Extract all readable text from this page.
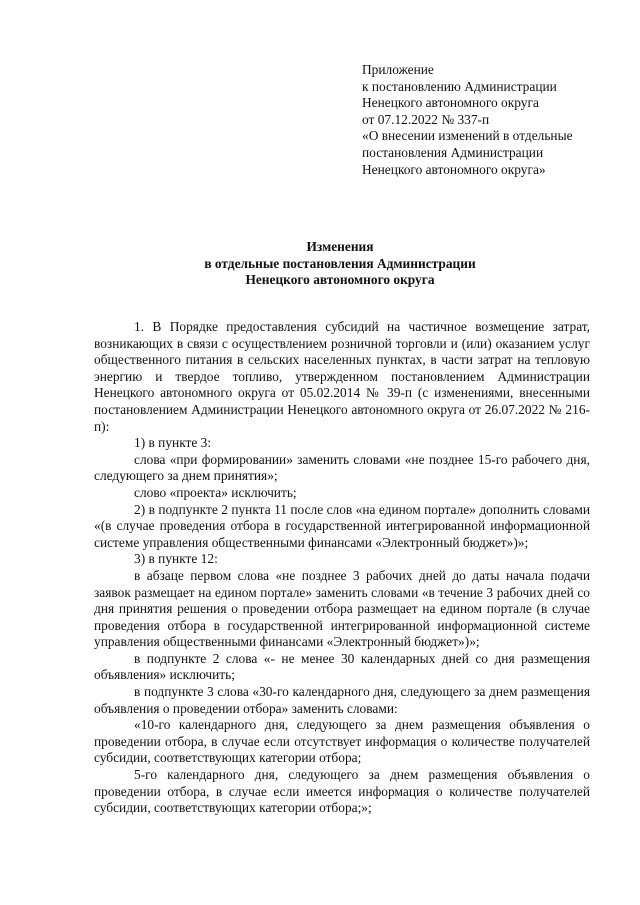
Приложение
к постановлению Администрации
Ненецкого автономного округа
от 07.12.2022 № 337-п
«О внесении изменений в отдельные
постановления Администрации
Ненецкого автономного округа»
Изменения
в отдельные постановления Администрации
Ненецкого автономного округа

1. В Порядке предоставления субсидий на частичное возмещение затрат, возникающих в связи с осуществлением розничной торговли и (или) оказанием услуг общественного питания в сельских населенных пунктах, в части затрат на тепловую энергию и твердое топливо, утвержденном постановлением Администрации Ненецкого автономного округа от 05.02.2014 № 39-п (с изменениями, внесенными постановлением Администрации Ненецкого автономного округа от 26.07.2022 № 216-п):

1) в пункте 3:

слова «при формировании» заменить словами «не позднее 15-го рабочего дня, следующего за днем принятия»;

слово «проекта» исключить;

2) в подпункте 2 пункта 11 после слов «на едином портале» дополнить словами «(в случае проведения отбора в государственной интегрированной информационной системе управления общественными финансами «Электронный бюджет»)»;

3) в пункте 12:

в абзаце первом слова «не позднее 3 рабочих дней до даты начала подачи заявок размещает на едином портале» заменить словами «в течение 3 рабочих дней со дня принятия решения о проведении отбора размещает на едином портале (в случае проведения отбора в государственной интегрированной информационной системе управления общественными финансами «Электронный бюджет»)»;

в подпункте 2 слова «- не менее 30 календарных дней со дня размещения объявления» исключить;

в подпункте 3 слова «30-го календарного дня, следующего за днем размещения объявления о проведении отбора» заменить словами:

«10-го календарного дня, следующего за днем размещения объявления о проведении отбора, в случае если отсутствует информация о количестве получателей субсидии, соответствующих категории отбора;

5-го календарного дня, следующего за днем размещения объявления о проведении отбора, в случае если имеется информация о количестве получателей субсидии, соответствующих категории отбора;»;
